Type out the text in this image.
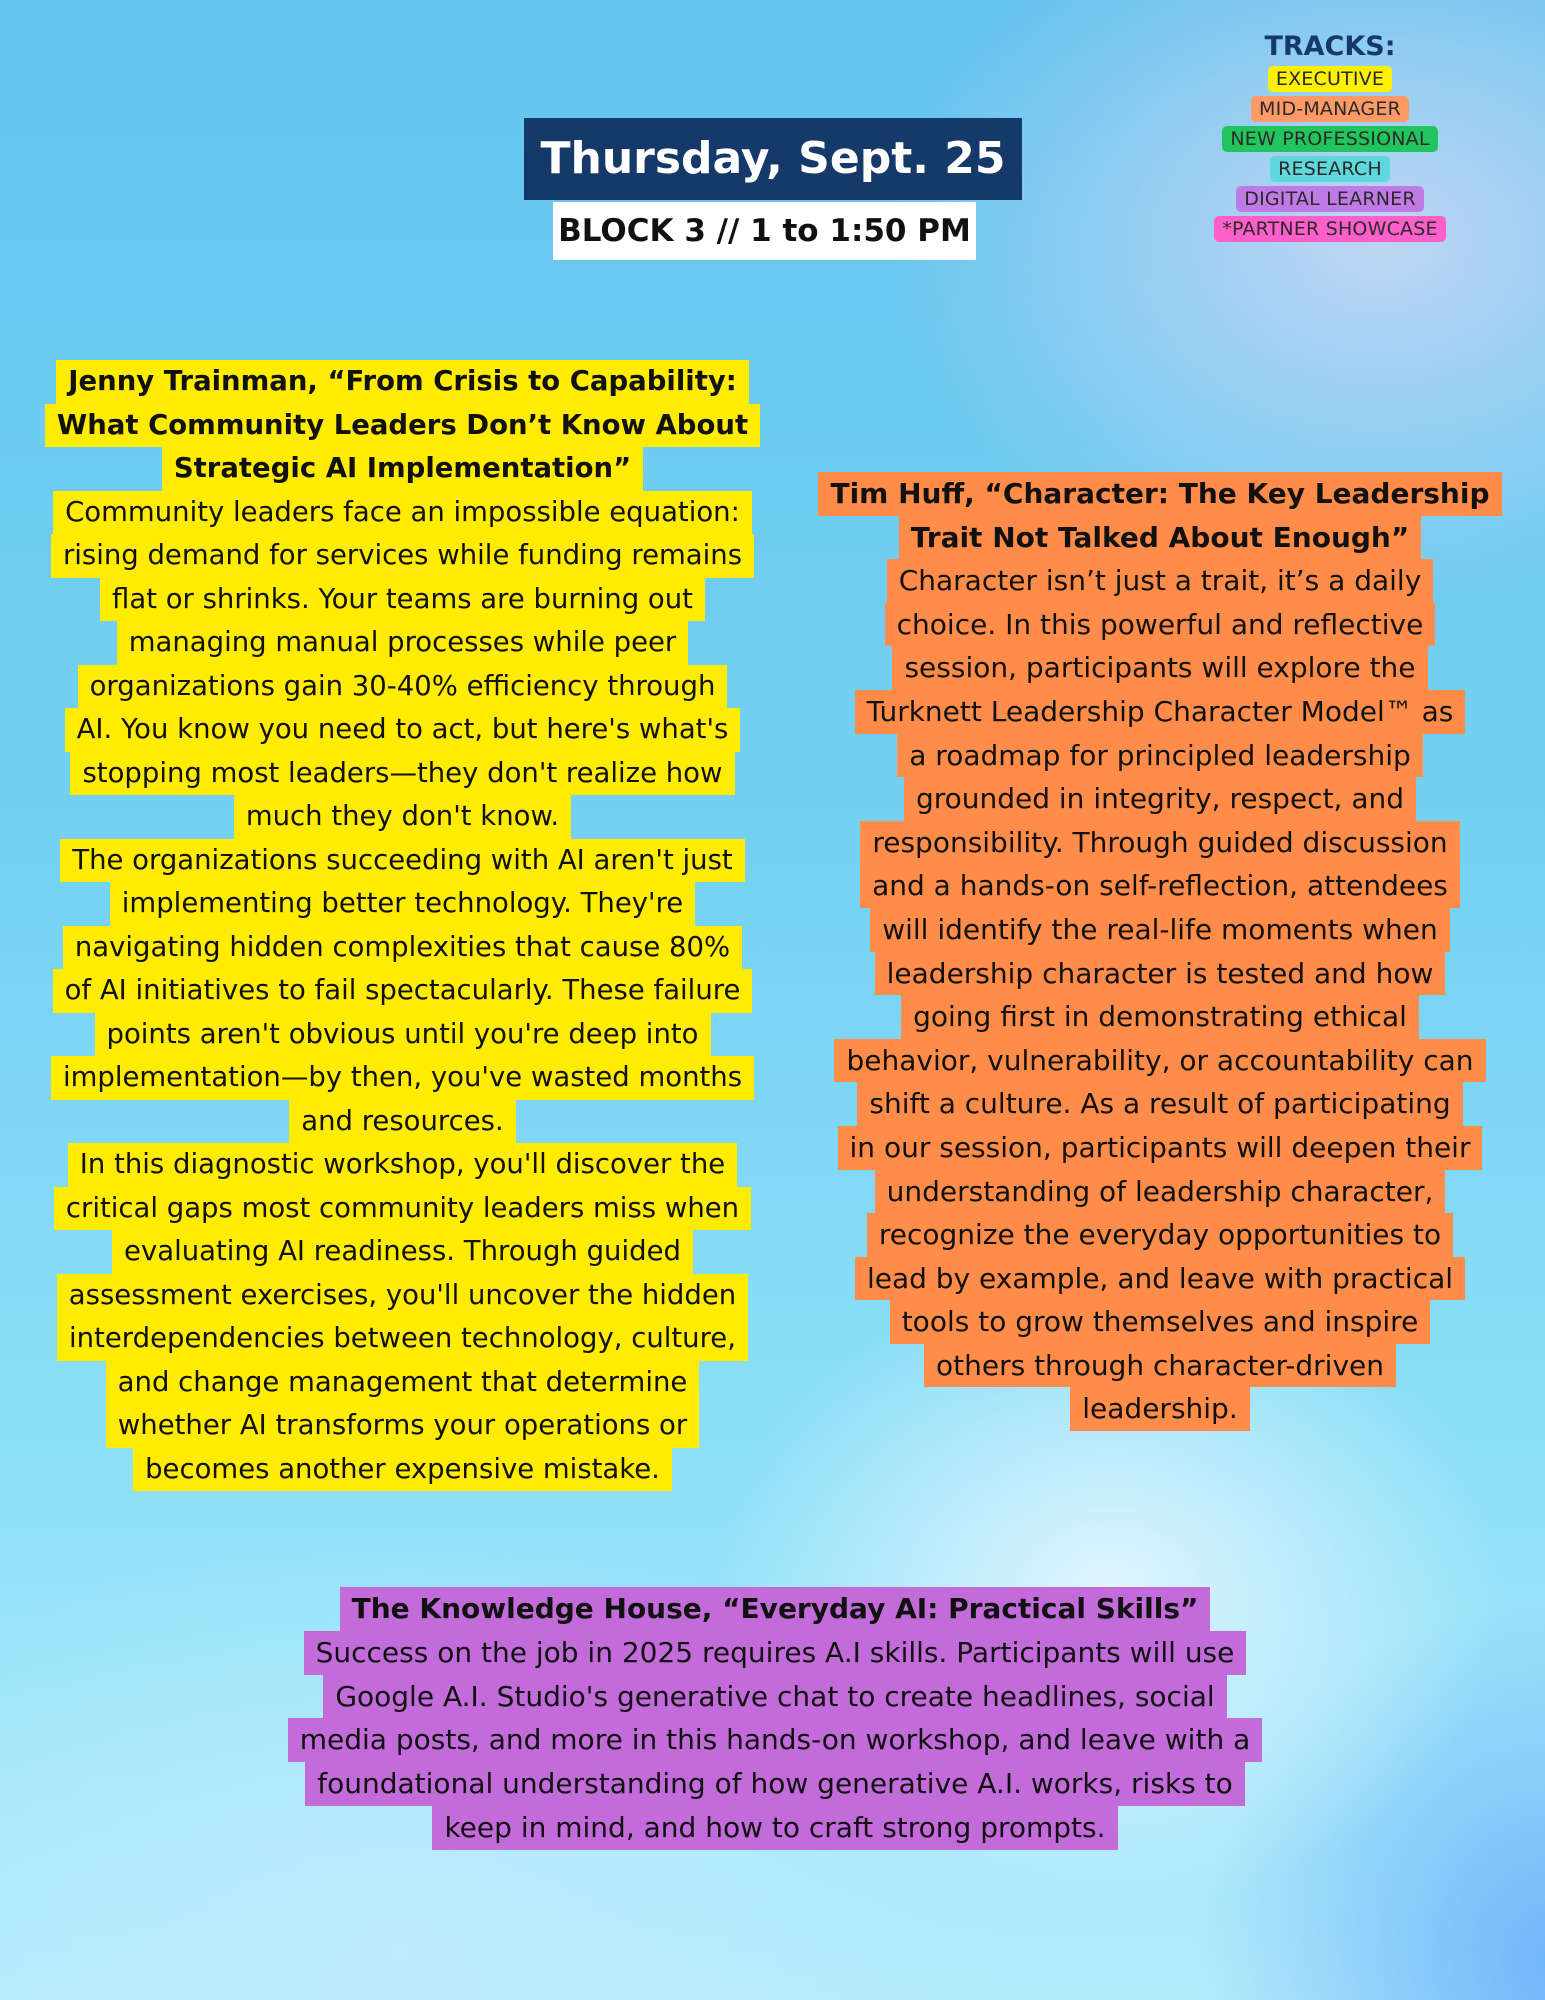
Thursday, Sept. 25
BLOCK 3 // 1 to 1:50 PM
TRACKS:
EXECUTIVE
MID-MANAGER
NEW PROFESSIONAL
RESEARCH
DIGITAL LEARNER
*PARTNER SHOWCASE
Jenny Trainman, “From Crisis to Capability:
What Community Leaders Don’t Know About
Strategic AI Implementation”
Community leaders face an impossible equation:
rising demand for services while funding remains
flat or shrinks. Your teams are burning out
managing manual processes while peer
organizations gain 30-40% efficiency through
AI. You know you need to act, but here's what's
stopping most leaders—they don't realize how
much they don't know.
The organizations succeeding with AI aren't just
implementing better technology. They're
navigating hidden complexities that cause 80%
of AI initiatives to fail spectacularly. These failure
points aren't obvious until you're deep into
implementation—by then, you've wasted months
and resources.
In this diagnostic workshop, you'll discover the
critical gaps most community leaders miss when
evaluating AI readiness. Through guided
assessment exercises, you'll uncover the hidden
interdependencies between technology, culture,
and change management that determine
whether AI transforms your operations or
becomes another expensive mistake.
Tim Huff, “Character: The Key Leadership
Trait Not Talked About Enough”
Character isn’t just a trait, it’s a daily
choice. In this powerful and reflective
session, participants will explore the
Turknett Leadership Character Model™ as
a roadmap for principled leadership
grounded in integrity, respect, and
responsibility. Through guided discussion
and a hands-on self-reflection, attendees
will identify the real-life moments when
leadership character is tested and how
going first in demonstrating ethical
behavior, vulnerability, or accountability can
shift a culture. As a result of participating
in our session, participants will deepen their
understanding of leadership character,
recognize the everyday opportunities to
lead by example, and leave with practical
tools to grow themselves and inspire
others through character-driven
leadership.
The Knowledge House, “Everyday AI: Practical Skills”
Success on the job in 2025 requires A.I skills. Participants will use
Google A.I. Studio's generative chat to create headlines, social
media posts, and more in this hands-on workshop, and leave with a
foundational understanding of how generative A.I. works, risks to
keep in mind, and how to craft strong prompts.
